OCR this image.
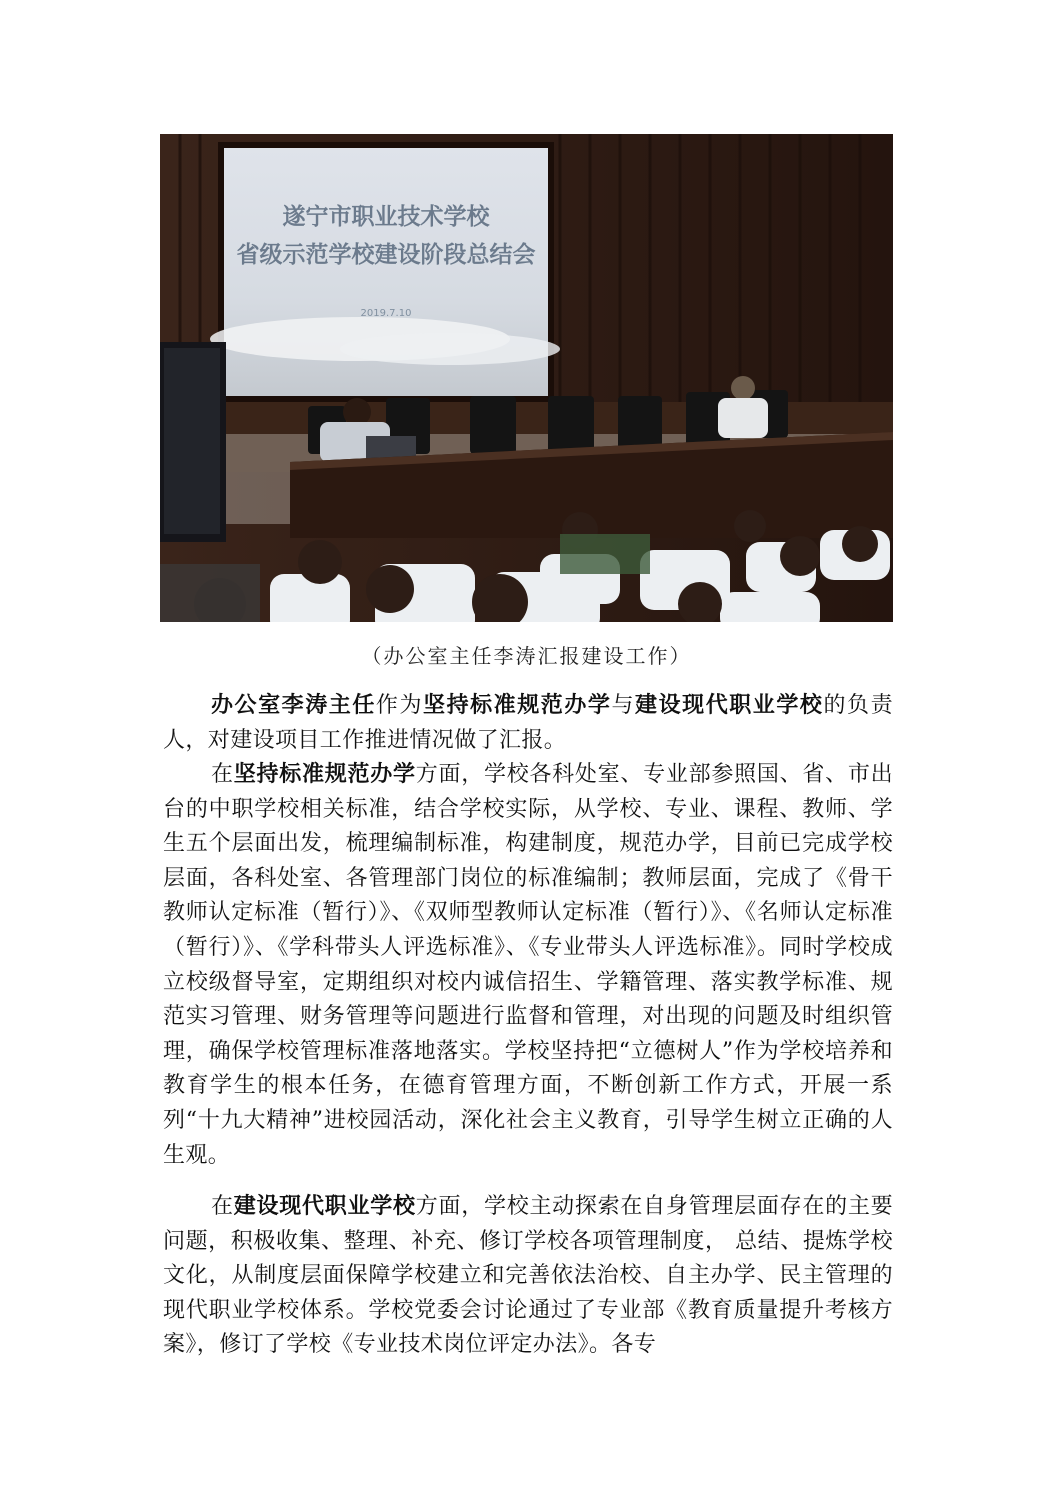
遂宁市职业技术学校
省级示范学校建设阶段总结会
2019.7.10
（办公室主任李涛汇报建设工作）

办公室李涛主任作为坚持标准规范办学与建设现代职业学校的负责人，对建设项目工作推进情况做了汇报。

在坚持标准规范办学方面，学校各科处室、专业部参照国、省、市出台的中职学校相关标准，结合学校实际，从学校、专业、课程、教师、学生五个层面出发，梳理编制标准，构建制度，规范办学，目前已完成学校层面，各科处室、各管理部门岗位的标准编制；教师层面，完成了《骨干教师认定标准（暂行）》、《双师型教师认定标准（暂行）》、《名师认定标准（暂行）》、《学科带头人评选标准》、《专业带头人评选标准》。同时学校成立校级督导室，定期组织对校内诚信招生、学籍管理、落实教学标准、规范实习管理、财务管理等问题进行监督和管理，对出现的问题及时组织管理，确保学校管理标准落地落实。学校坚持把“立德树人”作为学校培养和教育学生的根本任务，在德育管理方面，不断创新工作方式，开展一系列“十九大精神”进校园活动，深化社会主义教育，引导学生树立正确的人生观。

在建设现代职业学校方面，学校主动探索在自身管理层面存在的主要问题，积极收集、整理、补充、修订学校各项管理制度， 总结、提炼学校文化，从制度层面保障学校建立和完善依法治校、自主办学、民主管理的现代职业学校体系。学校党委会讨论通过了专业部《教育质量提升考核方案》，修订了学校《专业技术岗位评定办法》。各专
